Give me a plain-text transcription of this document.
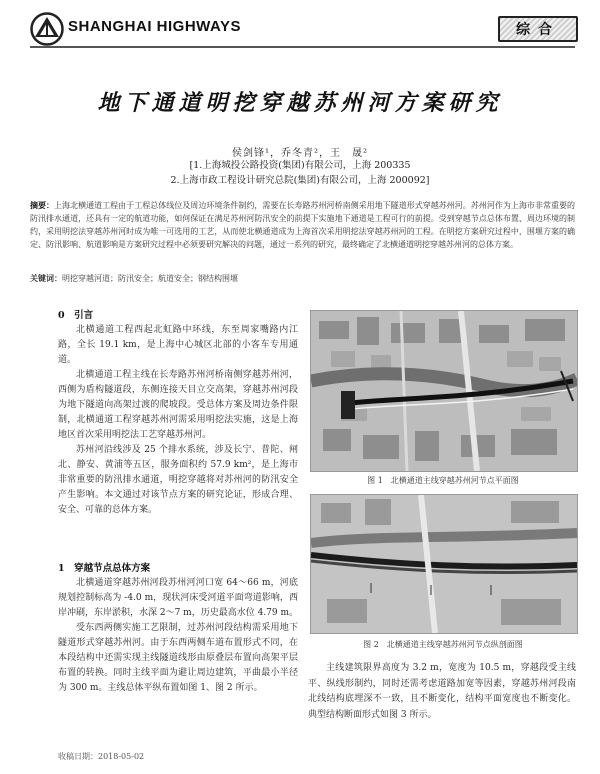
SHANGHAI HIGHWAYS	综合
地下通道明挖穿越苏州河方案研究
侯剑锋¹，乔冬青²，王　晟²
[1.上海城投公路投资(集团)有限公司，上海 200335
2.上海市政工程设计研究总院(集团)有限公司，上海 200092]
摘要：上海北横通道工程由于工程总体线位及周边环境条件制约，需要在长寿路苏州河桥南侧采用地下隧道形式穿越苏州河。苏州河作为上海市非常重要的防汛排水通道，还具有一定的航道功能，如何保证在满足苏州河防汛安全的前提下实施地下通道是工程可行的前提。受到穿越节点总体布置、周边环境的制约，采用明挖法穿越苏州河时成为唯一可选用的工艺，从而使北横通道成为上海首次采用明挖法穿越苏州河的工程。在明挖方案研究过程中，围堰方案的确定、防汛影响、航道影响是方案研究过程中必须要研究解决的问题，通过一系列的研究，最终确定了北横通道明挖穿越苏州河的总体方案。
关键词：明挖穿越河道；防汛安全；航道安全；钢结构围堰
0　引言

北横通道工程西起北虹路中环线，东至周家嘴路内江路，全长 19.1 km，是上海中心城区北部的小客车专用通道。

北横通道工程主线在长寿路苏州河桥南侧穿越苏州河，西侧为盾构隧道段，东侧连接天目立交高架，穿越苏州河段为地下隧道向高架过渡的爬坡段。受总体方案及周边条件限制，北横通道工程穿越苏州河需采用明挖法实施，这是上海地区首次采用明挖法工艺穿越苏州河。

苏州河沿线涉及 25 个排水系统，涉及长宁、普陀、闸北、静安、黄浦等五区，服务面积约 57.9 km²，是上海市非常重要的防汛排水通道，明挖穿越将对苏州河的防汛安全产生影响。本文通过对该节点方案的研究论证，形成合理、安全、可靠的总体方案。

1　穿越节点总体方案

北横通道穿越苏州河段苏州河河口宽 64～66 m，河底规划控制标高为 -4.0 m，现状河床受河道平面弯道影响，西岸冲刷，东岸淤积，水深 2～7 m，历史最高水位 4.79 m。

受东西两侧实施工艺限制，过苏州河段结构需采用地下隧道形式穿越苏州河。由于东西两侧车道布置形式不同，在本段结构中还需实现主线隧道线形由原叠层布置向高架平层布置的转换。同时主线平面为避让周边建筑，平曲最小半径为 300 m。主线总体平纵布置如图 1、图 2 所示。

图 1　北横通道主线穿越苏州河节点平面图
图 2　北横通道主线穿越苏州河节点纵剖面图

主线建筑限界高度为 3.2 m，宽度为 10.5 m，穿越段受主线平、纵线形制约，同时还需考虑道路加宽等因素，穿越苏州河段南北线结构底埋深不一致，且不断变化，结构平面宽度也不断变化。典型结构断面形式如图 3 所示。

收稿日期：2018-05-02
